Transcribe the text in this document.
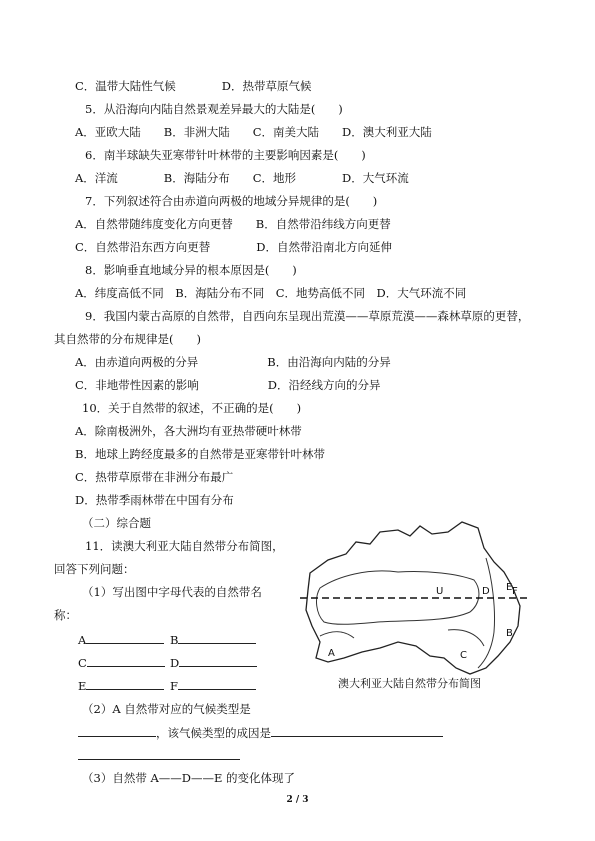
C．温带大陆性气候　　　　D．热带草原气候
5．从沿海向内陆自然景观差异最大的大陆是(　　)
A．亚欧大陆　　B．非洲大陆　　C．南美大陆　　D．澳大利亚大陆
6．南半球缺失亚寒带针叶林带的主要影响因素是(　　)
A．洋流　　　　B．海陆分布　　C．地形　　　　D．大气环流
7．下列叙述符合由赤道向两极的地域分异规律的是(　　)
A．自然带随纬度变化方向更替　　B．自然带沿纬线方向更替
C．自然带沿东西方向更替　　　　D．自然带沿南北方向延伸
8．影响垂直地域分异的根本原因是(　　)
A．纬度高低不同　B．海陆分布不同　C．地势高低不同　D．大气环流不同
9．我国内蒙古高原的自然带，自西向东呈现出荒漠——草原荒漠——森林草原的更替，
其自然带的分布规律是(　　)
A．由赤道向两极的分异　　　　　　B．由沿海向内陆的分异
C．非地带性因素的影响　　　　　　D．沿经线方向的分异
10．关于自然带的叙述，不正确的是(　　)
A．除南极洲外，各大洲均有亚热带硬叶林带
B．地球上跨经度最多的自然带是亚寒带针叶林带
C．热带草原带在非洲分布最广
D．热带季雨林带在中国有分布
（二）综合题
11．读澳大利亚大陆自然带分布简图，
回答下列问题：
（1）写出图中字母代表的自然带名
称：
A	B
C	D
E	F
（2）A 自然带对应的气候类型是
，该气候类型的成因是
（3）自然带 A——D——E 的变化体现了
U	D E
A
B
C
F
澳大利亚大陆自然带分布简图
2 / 3
